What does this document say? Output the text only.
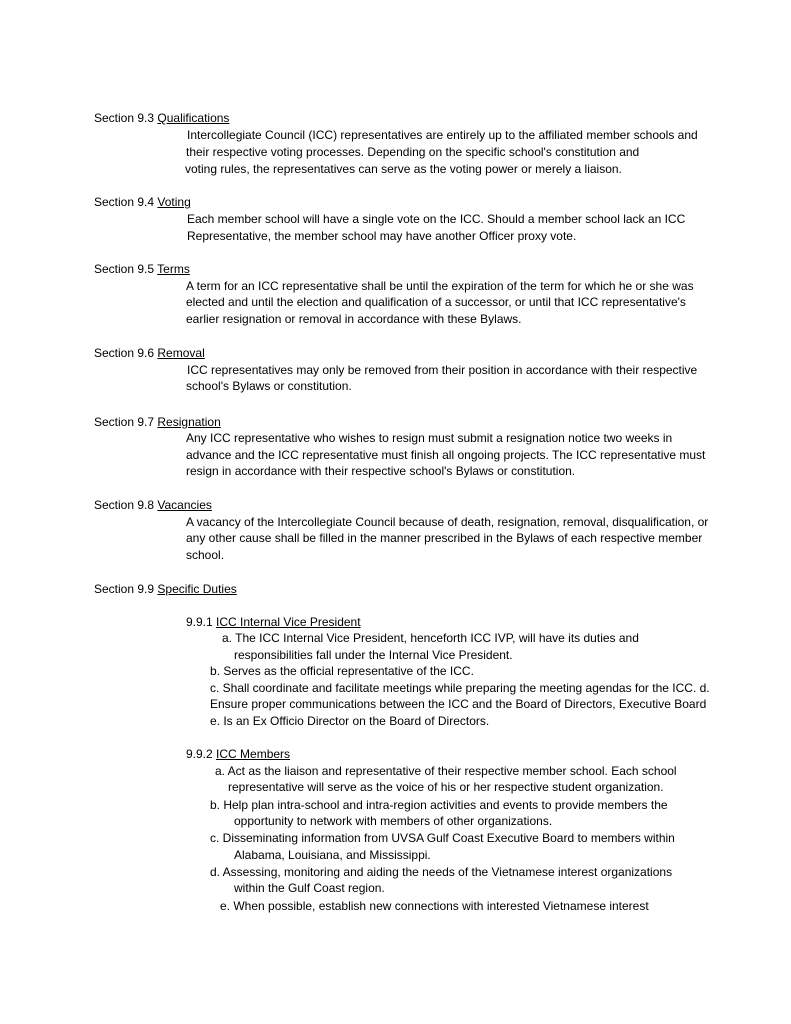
Section 9.3 Qualifications
Intercollegiate Council (ICC) representatives are entirely up to the affiliated member schools and
their respective voting processes. Depending on the specific school's constitution and
voting rules, the representatives can serve as the voting power or merely a liaison.
Section 9.4 Voting
Each member school will have a single vote on the ICC. Should a member school lack an ICC
Representative, the member school may have another Officer proxy vote.
Section 9.5 Terms
A term for an ICC representative shall be until the expiration of the term for which he or she was
elected and until the election and qualification of a successor, or until that ICC representative's
earlier resignation or removal in accordance with these Bylaws.
Section 9.6 Removal
ICC representatives may only be removed from their position in accordance with their respective
school's Bylaws or constitution.
Section 9.7 Resignation
Any ICC representative who wishes to resign must submit a resignation notice two weeks in
advance and the ICC representative must finish all ongoing projects. The ICC representative must
resign in accordance with their respective school's Bylaws or constitution.
Section 9.8 Vacancies
A vacancy of the Intercollegiate Council because of death, resignation, removal, disqualification, or
any other cause shall be filled in the manner prescribed in the Bylaws of each respective member
school.
Section 9.9 Specific Duties
9.9.1 ICC Internal Vice President
a. The ICC Internal Vice President, henceforth ICC IVP, will have its duties and
responsibilities fall under the Internal Vice President.
b. Serves as the official representative of the ICC.
c. Shall coordinate and facilitate meetings while preparing the meeting agendas for the ICC. d.
Ensure proper communications between the ICC and the Board of Directors, Executive Board
e. Is an Ex Officio Director on the Board of Directors.
9.9.2 ICC Members
a. Act as the liaison and representative of their respective member school. Each school
representative will serve as the voice of his or her respective student organization.
b. Help plan intra-school and intra-region activities and events to provide members the
opportunity to network with members of other organizations.
c. Disseminating information from UVSA Gulf Coast Executive Board to members within
Alabama, Louisiana, and Mississippi.
d. Assessing, monitoring and aiding the needs of the Vietnamese interest organizations
within the Gulf Coast region.
e. When possible, establish new connections with interested Vietnamese interest
